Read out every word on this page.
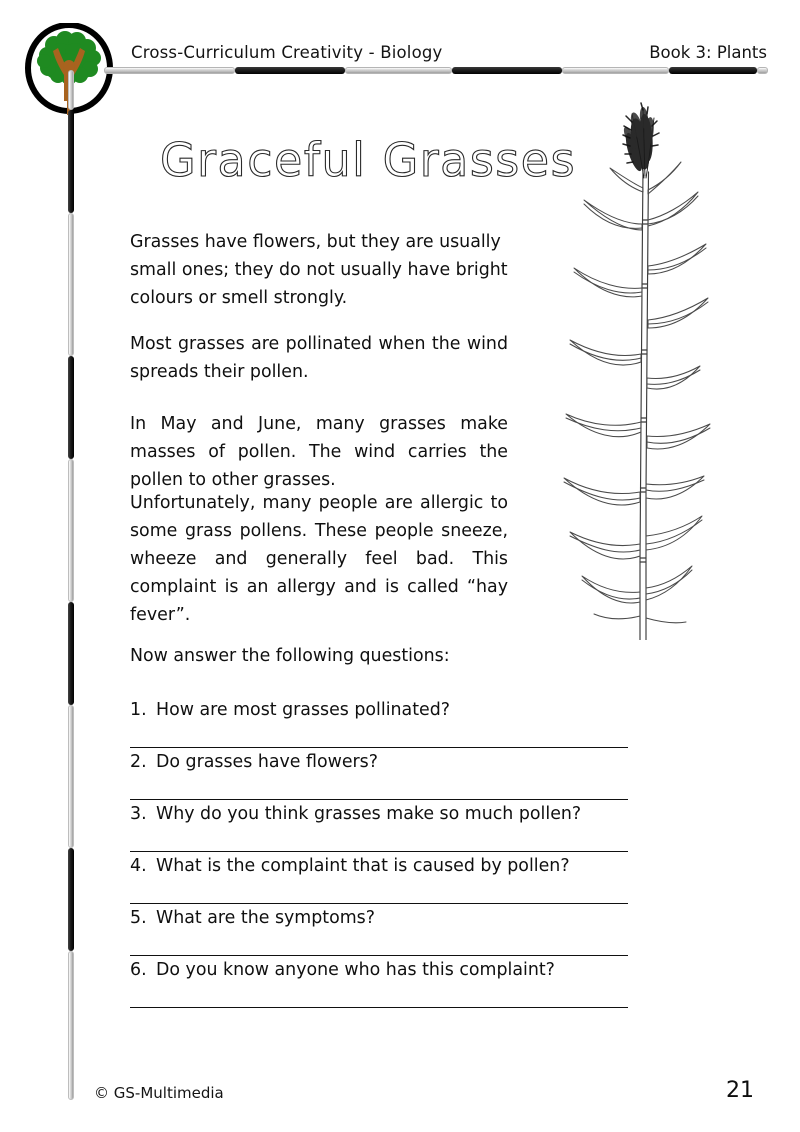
Cross-Curriculum Creativity - Biology	Book 3: Plants
Graceful Grasses
Grasses have flowers, but they are usually small ones; they do not usually have bright colours or smell strongly.
Most grasses are pollinated when the wind spreads their pollen.
In May and June, many grasses make masses of pollen. The wind carries the pollen to other grasses.
Unfortunately, many people are allergic to some grass pollens. These people sneeze, wheeze and generally feel bad. This complaint is an allergy and is called “hay fever”.
Now answer the following questions:
1. How are most grasses pollinated?
2. Do grasses have flowers?
3. Why do you think grasses make so much pollen?
4. What is the complaint that is caused by pollen?
5. What are the symptoms?
6. Do you know anyone who has this complaint?
© GS-Multimedia	21
